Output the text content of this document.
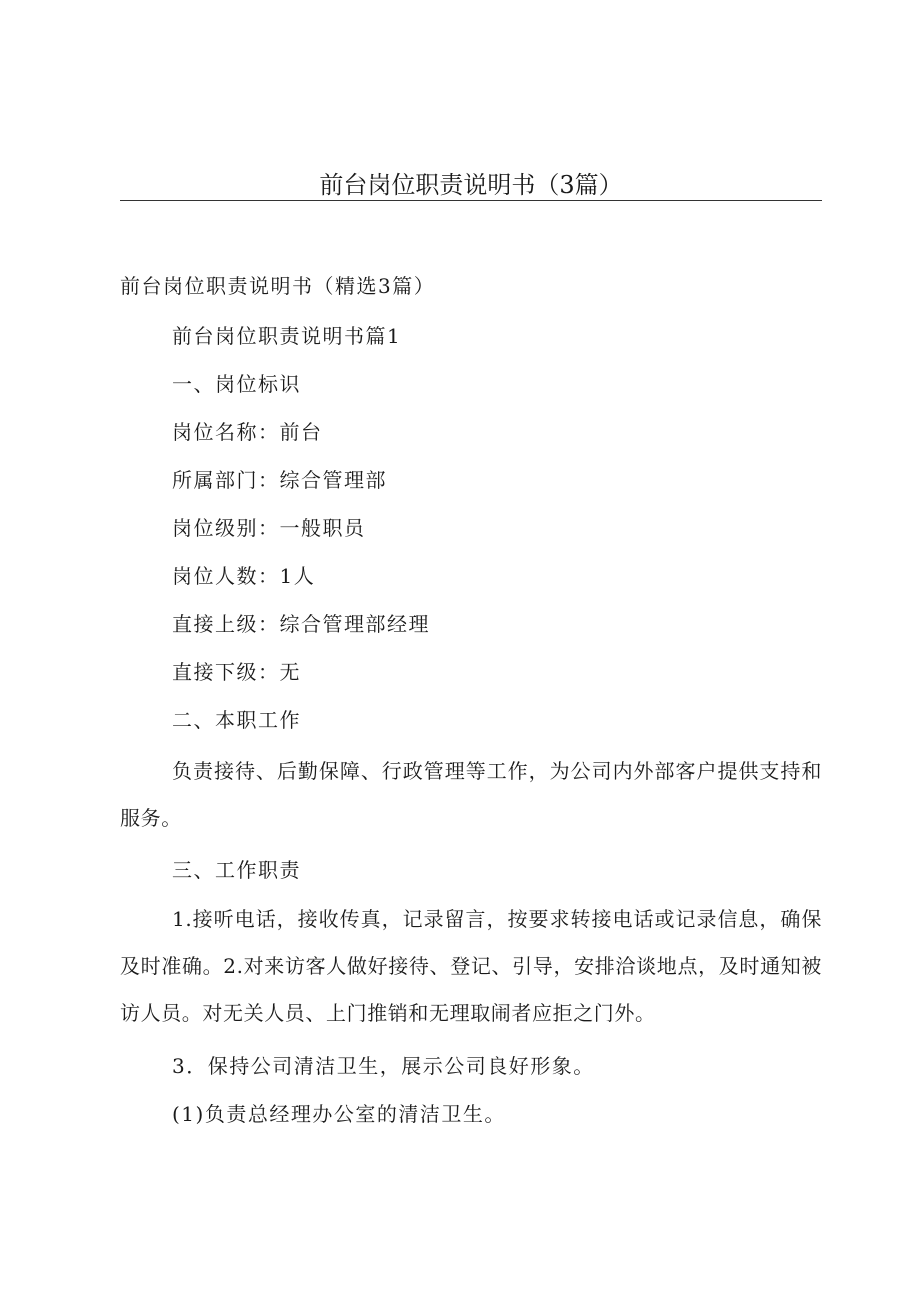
前台岗位职责说明书（3篇）

前台岗位职责说明书（精选3篇）

前台岗位职责说明书篇1

一、岗位标识

岗位名称：前台

所属部门：综合管理部

岗位级别：一般职员

岗位人数：1人

直接上级：综合管理部经理

直接下级：无

二、本职工作

负责接待、后勤保障、行政管理等工作，为公司内外部客户提供支持和服务。

三、工作职责

1.接听电话，接收传真，记录留言，按要求转接电话或记录信息，确保及时准确。2.对来访客人做好接待、登记、引导，安排洽谈地点，及时通知被访人员。对无关人员、上门推销和无理取闹者应拒之门外。

3．保持公司清洁卫生，展示公司良好形象。

(1)负责总经理办公室的清洁卫生。
